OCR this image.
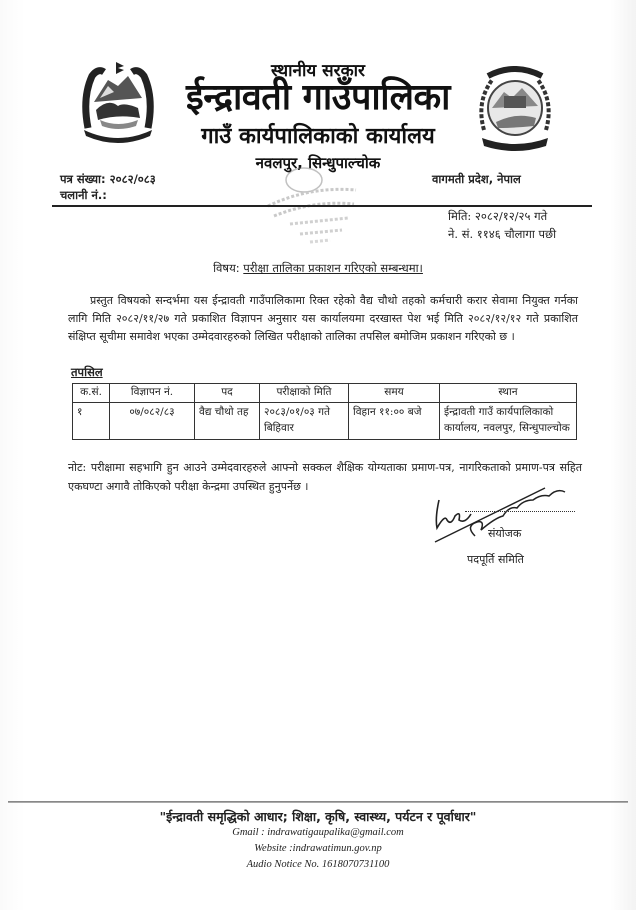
स्थानीय सरकार
ईन्द्रावती गाउँपालिका
गाउँ कार्यपालिकाको कार्यालय
नवलपुर, सिन्धुपाल्चोक
पत्र संख्या: २०८२/०८३
चलानी नं.:
वागमती प्रदेश, नेपाल
मिति: २०८२/१२/२५ गते
ने. सं. ११४६ चौलागा पछी
विषय: परीक्षा तालिका प्रकाशन गरिएको सम्बन्धमा।
प्रस्तुत विषयको सन्दर्भमा यस ईन्द्रावती गाउँपालिकामा रिक्त रहेको वैद्य चौथो तहको कर्मचारी करार सेवामा नियुक्त गर्नका लागि मिति २०८२/११/२७ गते प्रकाशित विज्ञापन अनुसार यस कार्यालयमा दरखास्त पेश भई मिति २०८२/१२/१२ गते प्रकाशित संक्षिप्त सूचीमा समावेश भएका उम्मेदवारहरुको लिखित परीक्षाको तालिका तपसिल बमोजिम प्रकाशन गरिएको छ ।
तपसिल
क.सं.	विज्ञापन नं.	पद	परीक्षाको मिति	समय	स्थान
१	०७/०८२/८३	वैद्य चौथो तह	२०८३/०१/०३ गते बिहिवार	विहान ११:०० बजे	ईन्द्रावती गाउँ कार्यपालिकाको कार्यालय, नवलपुर, सिन्धुपाल्चोक
नोट: परीक्षामा सहभागि हुन आउने उम्मेदवारहरुले आफ्नो सक्कल शैक्षिक योग्यताका प्रमाण-पत्र, नागरिकताको प्रमाण-पत्र सहित एकघण्टा अगावै तोकिएको परीक्षा केन्द्रमा उपस्थित हुनुपर्नेछ ।
संयोजक
पदपूर्ति समिति
"ईन्द्रावती समृद्धिको आधार; शिक्षा, कृषि, स्वास्थ्य, पर्यटन र पूर्वाधार"
Gmail : indrawatigaupalika@gmail.com
Website :indrawatimun.gov.np
Audio Notice No. 1618070731100
